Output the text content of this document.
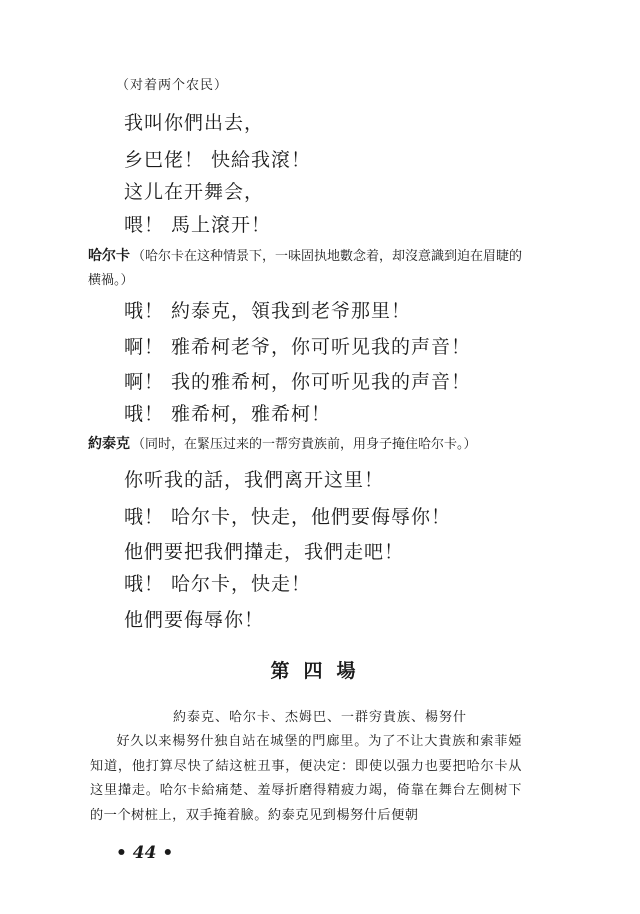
（对着两个农民）
我叫你們出去，
乡巴佬！ 快給我滾！
这儿在开舞会，
喂！ 馬上滾开！
哈尔卡 （哈尔卡在这种情景下，一味固执地數念着，却沒意識到迫在眉睫的横禍。）
哦！ 約泰克，領我到老爷那里！
啊！ 雅希柯老爷，你可听见我的声音！
啊！ 我的雅希柯，你可听见我的声音！
哦！ 雅希柯，雅希柯！
約泰克 （同时，在緊压过来的一帮穷貴族前，用身子掩住哈尔卡。）
你听我的話，我們离开这里！
哦！ 哈尔卡，快走，他們要侮辱你！
他們要把我們攆走，我們走吧！
哦！ 哈尔卡，快走！
他們要侮辱你！
第四場
約泰克、哈尔卡、杰姆巴、一群穷貴族、楊努什
好久以来楊努什独自站在城堡的門廊里。为了不让大貴族和索菲婭知道，他打算尽快了結这桩丑事，便决定：即使以强力也要把哈尔卡从这里攆走。哈尔卡給痛楚、羞辱折磨得精疲力竭，倚靠在舞台左側树下的一个树桩上，双手掩着臉。約泰克见到楊努什后便朝
• 44 •
